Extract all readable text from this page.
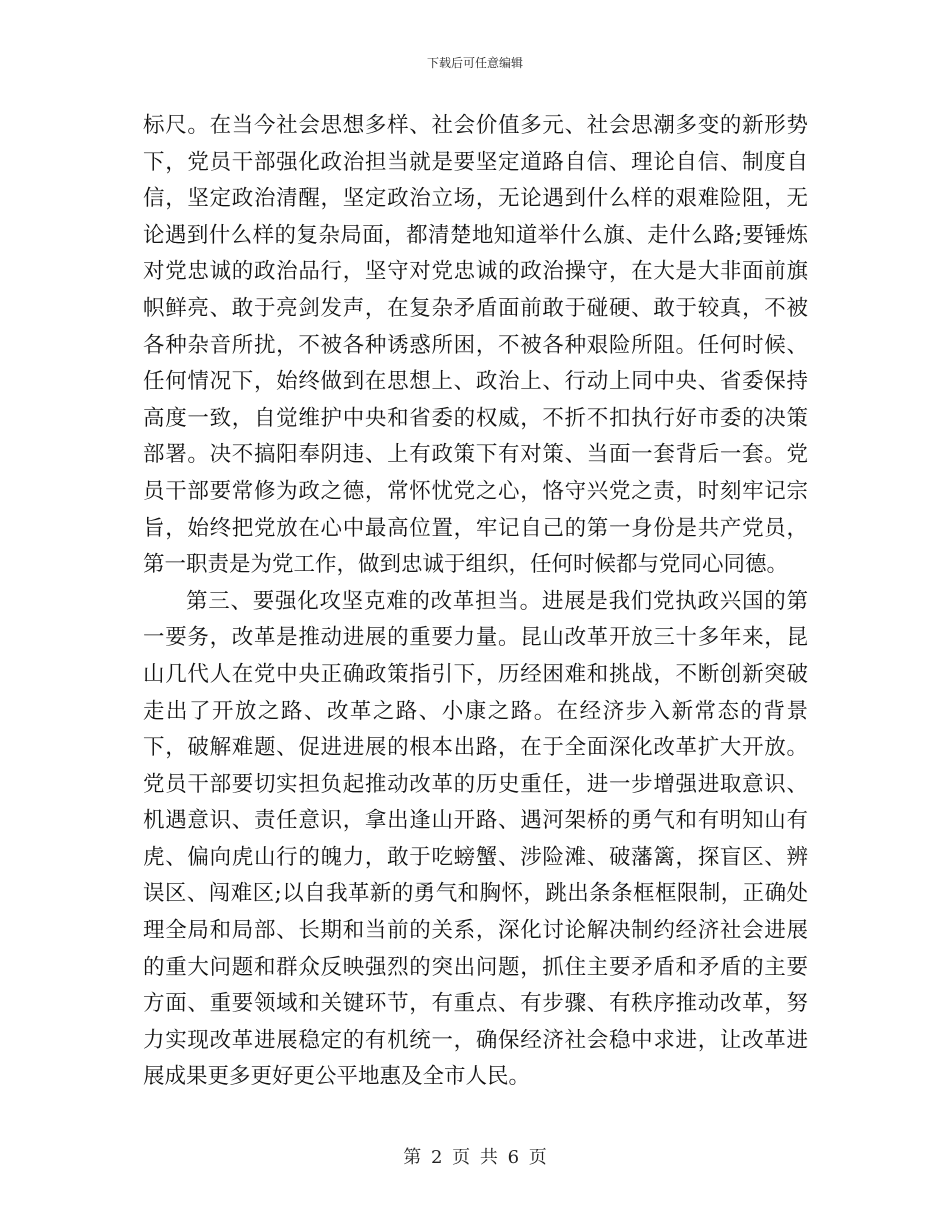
下载后可任意编辑

标尺。在当今社会思想多样、社会价值多元、社会思潮多变的新形势下，党员干部强化政治担当就是要坚定道路自信、理论自信、制度自信，坚定政治清醒，坚定政治立场，无论遇到什么样的艰难险阻，无论遇到什么样的复杂局面，都清楚地知道举什么旗、走什么路;要锤炼对党忠诚的政治品行，坚守对党忠诚的政治操守，在大是大非面前旗帜鲜亮、敢于亮剑发声，在复杂矛盾面前敢于碰硬、敢于较真，不被各种杂音所扰，不被各种诱惑所困，不被各种艰险所阻。任何时候、任何情况下，始终做到在思想上、政治上、行动上同中央、省委保持高度一致，自觉维护中央和省委的权威，不折不扣执行好市委的决策部署。决不搞阳奉阴违、上有政策下有对策、当面一套背后一套。党员干部要常修为政之德，常怀忧党之心，恪守兴党之责，时刻牢记宗旨，始终把党放在心中最高位置，牢记自己的第一身份是共产党员，第一职责是为党工作，做到忠诚于组织，任何时候都与党同心同德。

第三、要强化攻坚克难的改革担当。进展是我们党执政兴国的第一要务，改革是推动进展的重要力量。昆山改革开放三十多年来，昆山几代人在党中央正确政策指引下，历经困难和挑战，不断创新突破走出了开放之路、改革之路、小康之路。在经济步入新常态的背景下，破解难题、促进进展的根本出路，在于全面深化改革扩大开放。党员干部要切实担负起推动改革的历史重任，进一步增强进取意识、机遇意识、责任意识，拿出逢山开路、遇河架桥的勇气和有明知山有虎、偏向虎山行的魄力，敢于吃螃蟹、涉险滩、破藩篱，探盲区、辨误区、闯难区;以自我革新的勇气和胸怀，跳出条条框框限制，正确处理全局和局部、长期和当前的关系，深化讨论解决制约经济社会进展的重大问题和群众反映强烈的突出问题，抓住主要矛盾和矛盾的主要方面、重要领域和关键环节，有重点、有步骤、有秩序推动改革，努力实现改革进展稳定的有机统一，确保经济社会稳中求进，让改革进展成果更多更好更公平地惠及全市人民。

第 2 页 共 6 页
